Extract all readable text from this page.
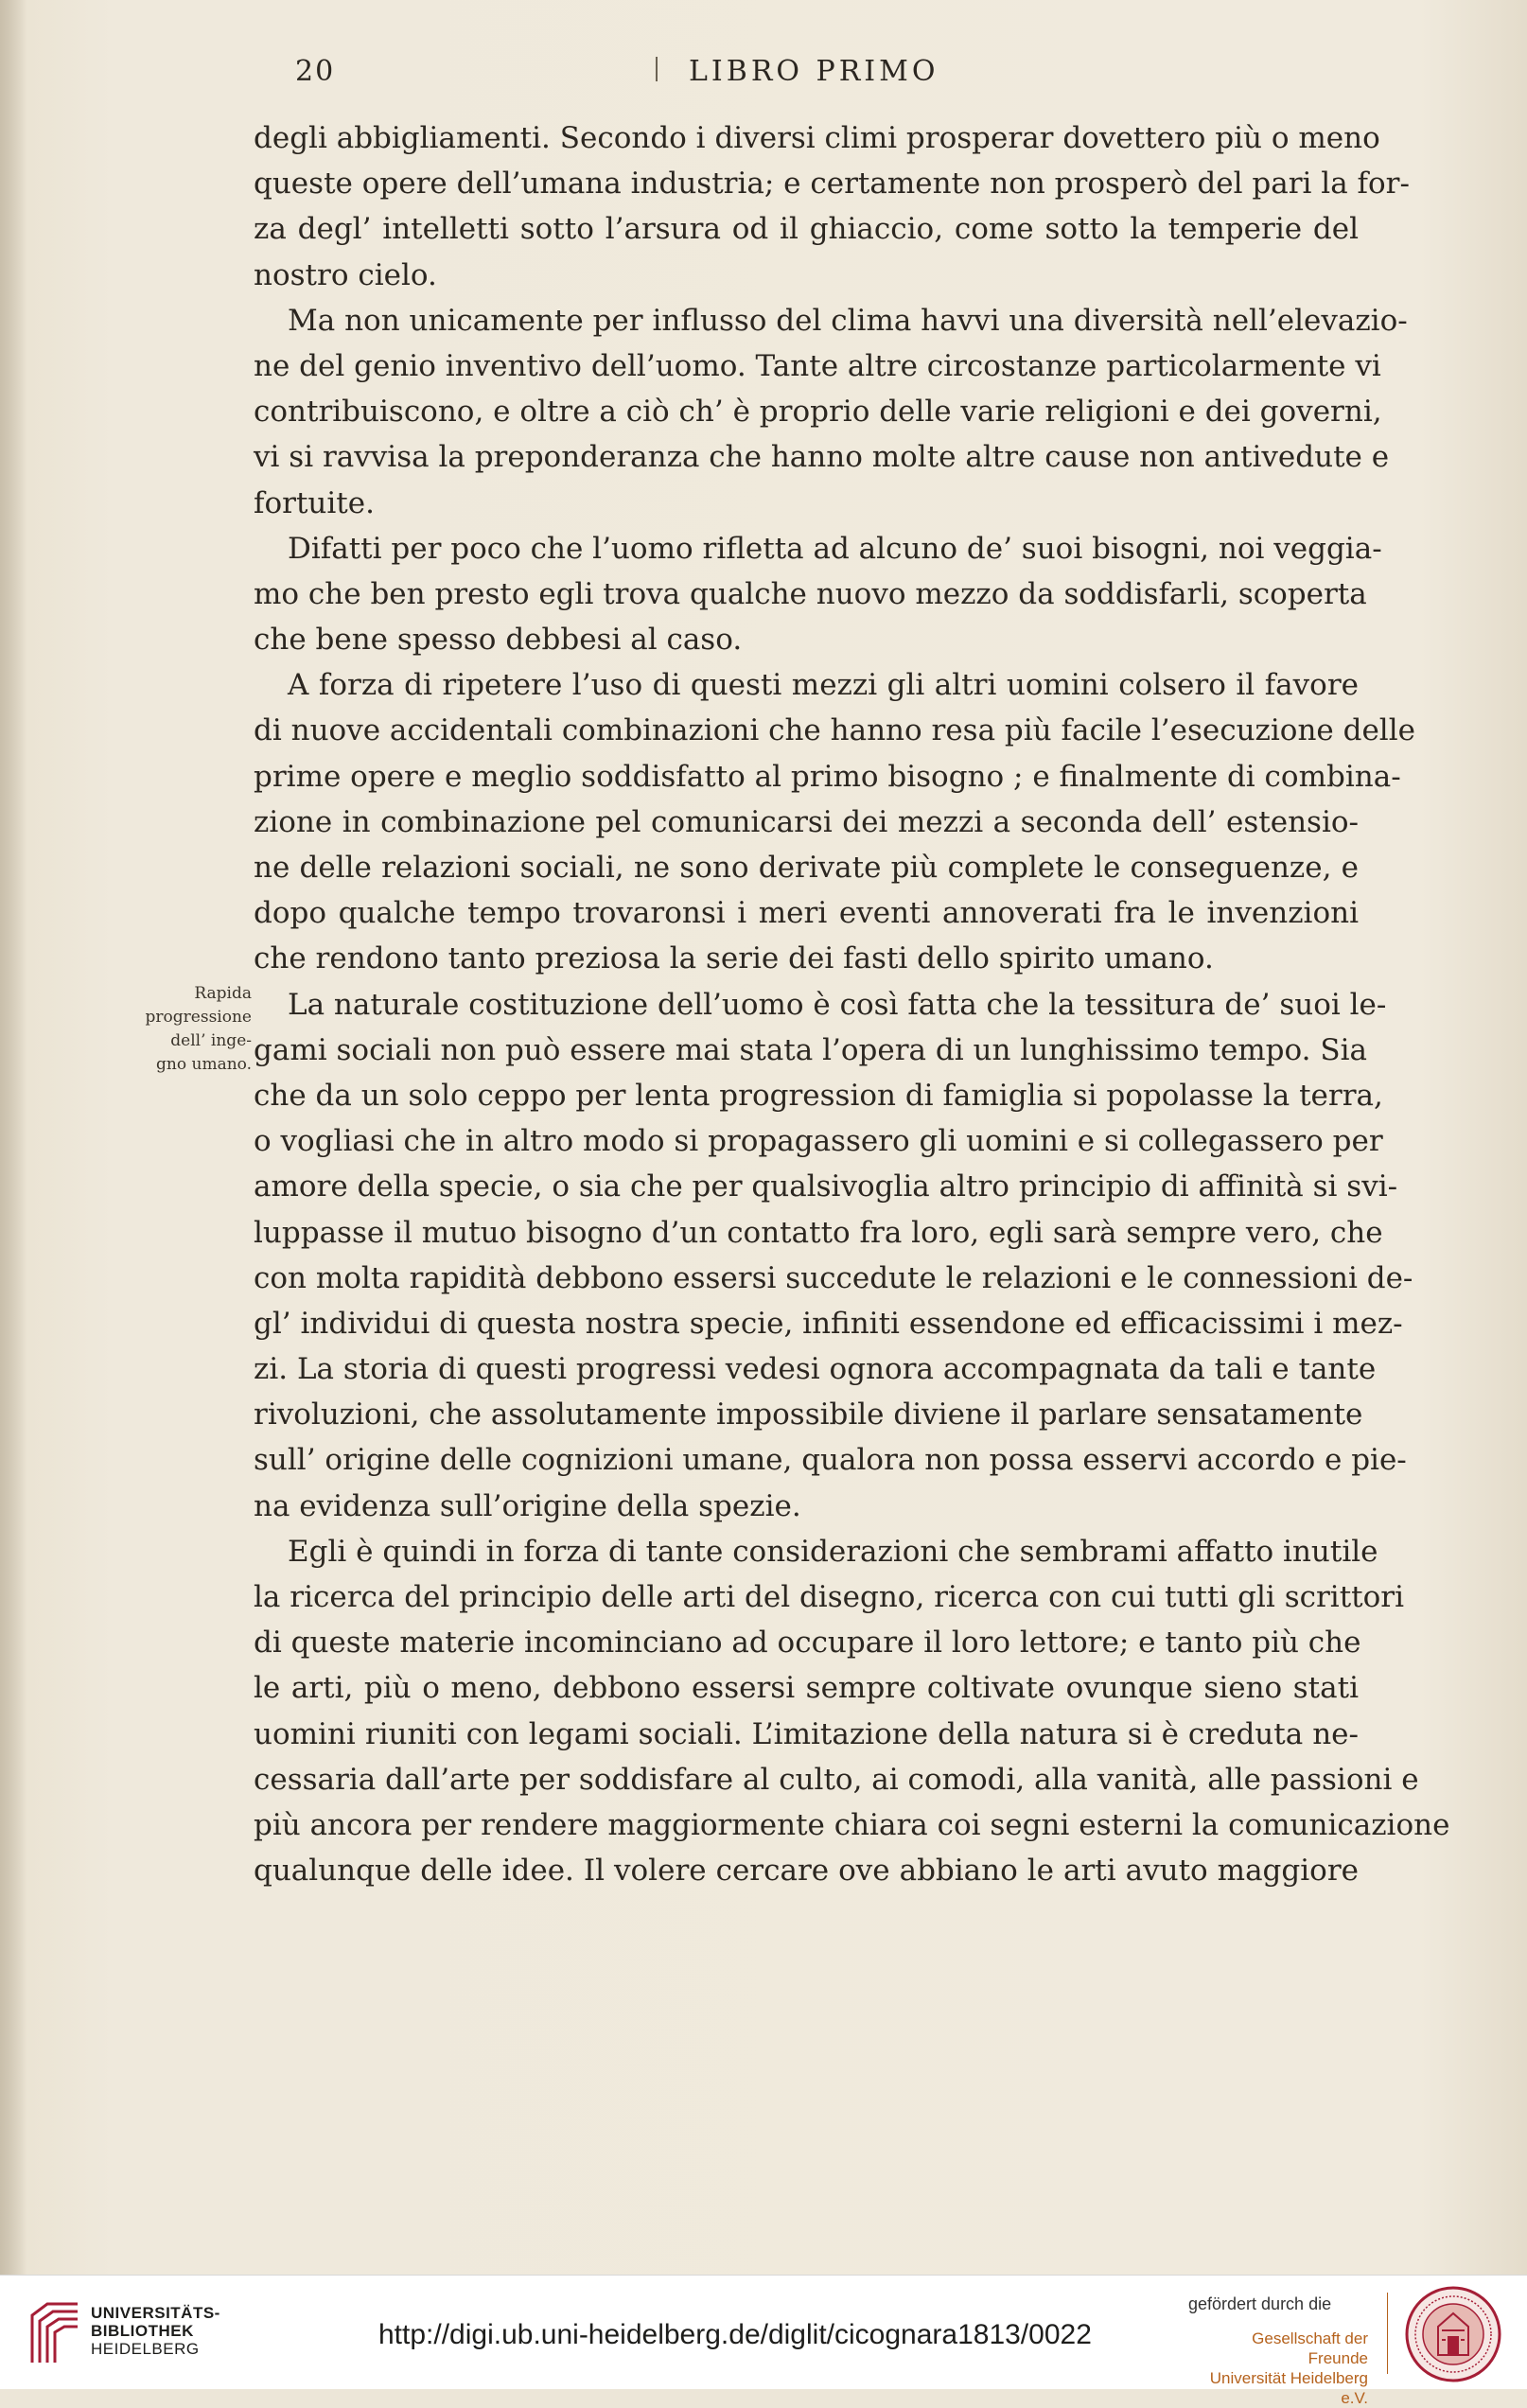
20	LIBRO PRIMO
Rapida
progressione
dell’ inge-
gno umano.
degli abbigliamenti. Secondo i diversi climi prosperar dovettero più o meno
queste opere dell’umana industria; e certamente non prosperò del pari la for-
za degl’ intelletti sotto l’arsura od il ghiaccio, come sotto la temperie del
nostro cielo.
Ma non unicamente per influsso del clima havvi una diversità nell’elevazio-
ne del genio inventivo dell’uomo. Tante altre circostanze particolarmente vi
contribuiscono, e oltre a ciò ch’ è proprio delle varie religioni e dei governi,
vi si ravvisa la preponderanza che hanno molte altre cause non antivedute e
fortuite.
Difatti per poco che l’uomo rifletta ad alcuno de’ suoi bisogni, noi veggia-
mo che ben presto egli trova qualche nuovo mezzo da soddisfarli, scoperta
che bene spesso debbesi al caso.
A forza di ripetere l’uso di questi mezzi gli altri uomini colsero il favore
di nuove accidentali combinazioni che hanno resa più facile l’esecuzione delle
prime opere e meglio soddisfatto al primo bisogno ; e finalmente di combina-
zione in combinazione pel comunicarsi dei mezzi a seconda dell’ estensio-
ne delle relazioni sociali, ne sono derivate più complete le conseguenze, e
dopo qualche tempo trovaronsi i meri eventi annoverati fra le invenzioni
che rendono tanto preziosa la serie dei fasti dello spirito umano.
La naturale costituzione dell’uomo è così fatta che la tessitura de’ suoi le-
gami sociali non può essere mai stata l’opera di un lunghissimo tempo. Sia
che da un solo ceppo per lenta progression di famiglia si popolasse la terra,
o vogliasi che in altro modo si propagassero gli uomini e si collegassero per
amore della specie, o sia che per qualsivoglia altro principio di affinità si svi-
luppasse il mutuo bisogno d’un contatto fra loro, egli sarà sempre vero, che
con molta rapidità debbono essersi succedute le relazioni e le connessioni de-
gl’ individui di questa nostra specie, infiniti essendone ed efficacissimi i mez-
zi. La storia di questi progressi vedesi ognora accompagnata da tali e tante
rivoluzioni, che assolutamente impossibile diviene il parlare sensatamente
sull’ origine delle cognizioni umane, qualora non possa esservi accordo e pie-
na evidenza sull’origine della spezie.
Egli è quindi in forza di tante considerazioni che sembrami affatto inutile
la ricerca del principio delle arti del disegno, ricerca con cui tutti gli scrittori
di queste materie incominciano ad occupare il loro lettore; e tanto più che
le arti, più o meno, debbono essersi sempre coltivate ovunque sieno stati
uomini riuniti con legami sociali. L’imitazione della natura si è creduta ne-
cessaria dall’arte per soddisfare al culto, ai comodi, alla vanità, alle passioni e
più ancora per rendere maggiormente chiara coi segni esterni la comunicazione
qualunque delle idee. Il volere cercare ove abbiano le arti avuto maggiore
UNIVERSITÄTS-
BIBLIOTHEK
HEIDELBERG	http://digi.ub.uni-heidelberg.de/diglit/cicognara1813/0022
gefördert durch die
Gesellschaft der Freunde
Universität Heidelberg e.V.
